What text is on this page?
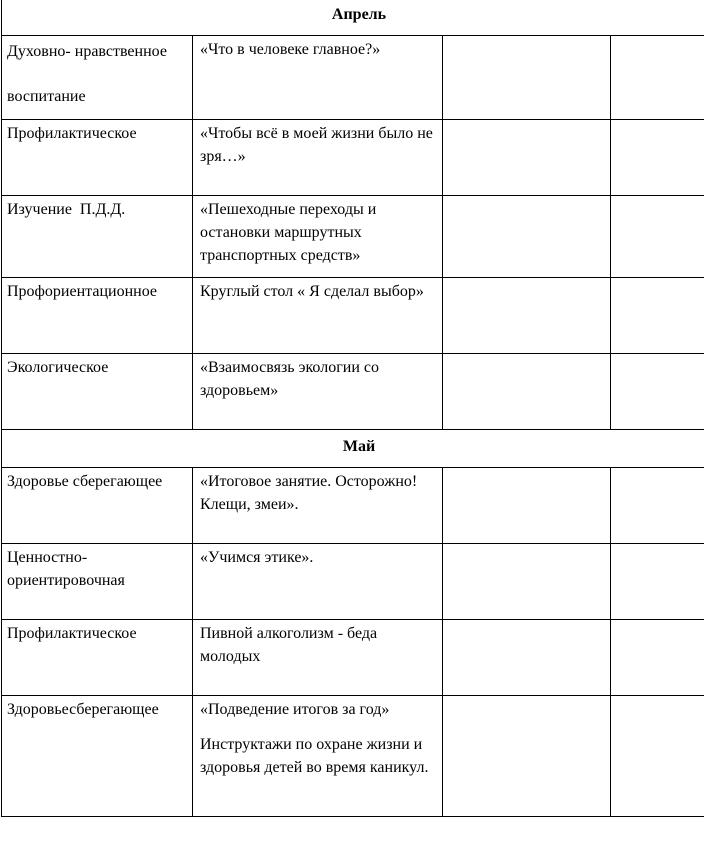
Апрель			

Духовно- нравственное воспитание	«Что в человеке главное?»		

Профилактическое	«Чтобы всё в моей жизни было не зря…»		

Изучение  П.Д.Д.	«Пешеходные переходы и остановки маршрутных транспортных средств»		

Профориентационное	Круглый стол « Я сделал выбор»		

Экологическое	«Взаимосвязь экологии со здоровьем»		

Май			

Здоровье сберегающее	«Итоговое занятие. Осторожно!Клещи, змеи».		

Ценностно-ориентировочная	«Учимся этике».		

Профилактическое	Пивной алкоголизм - беда молодых		

Здоровьесберегающее	«Подведение итогов за год»
Инструктажи по охране жизни и здоровья детей во время каникул.		
